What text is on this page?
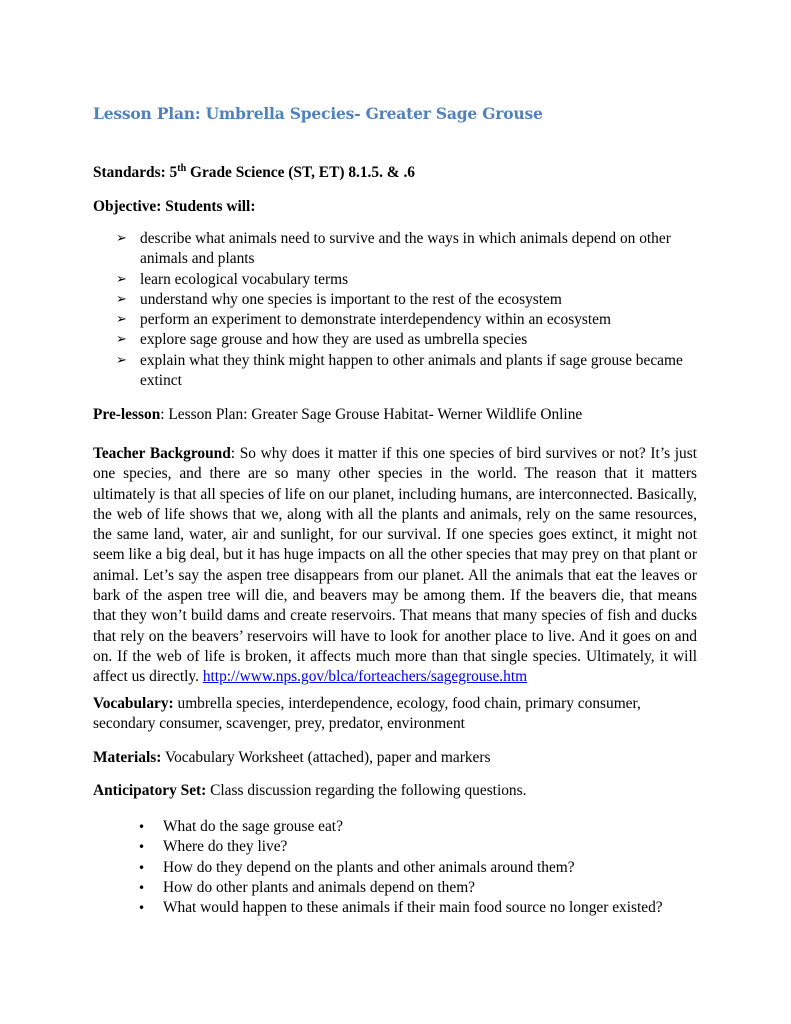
Lesson Plan: Umbrella Species- Greater Sage Grouse
Standards: 5th Grade Science (ST, ET) 8.1.5. & .6
Objective: Students will:
➢ describe what animals need to survive and the ways in which animals depend on other animals and plants
➢ learn ecological vocabulary terms
➢ understand why one species is important to the rest of the ecosystem
➢ perform an experiment to demonstrate interdependency within an ecosystem
➢ explore sage grouse and how they are used as umbrella species
➢ explain what they think might happen to other animals and plants if sage grouse became extinct
Pre-lesson: Lesson Plan: Greater Sage Grouse Habitat- Werner Wildlife Online
Teacher Background: So why does it matter if this one species of bird survives or not? It’s just one species, and there are so many other species in the world. The reason that it matters ultimately is that all species of life on our planet, including humans, are interconnected. Basically, the web of life shows that we, along with all the plants and animals, rely on the same resources, the same land, water, air and sunlight, for our survival. If one species goes extinct, it might not seem like a big deal, but it has huge impacts on all the other species that may prey on that plant or animal. Let’s say the aspen tree disappears from our planet. All the animals that eat the leaves or bark of the aspen tree will die, and beavers may be among them. If the beavers die, that means that they won’t build dams and create reservoirs. That means that many species of fish and ducks that rely on the beavers’ reservoirs will have to look for another place to live. And it goes on and on. If the web of life is broken, it affects much more than that single species. Ultimately, it will affect us directly. http://www.nps.gov/blca/forteachers/sagegrouse.htm
Vocabulary: umbrella species, interdependence, ecology, food chain, primary consumer, secondary consumer, scavenger, prey, predator, environment
Materials: Vocabulary Worksheet (attached), paper and markers
Anticipatory Set: Class discussion regarding the following questions.
• What do the sage grouse eat?
• Where do they live?
• How do they depend on the plants and other animals around them?
• How do other plants and animals depend on them?
• What would happen to these animals if their main food source no longer existed?
